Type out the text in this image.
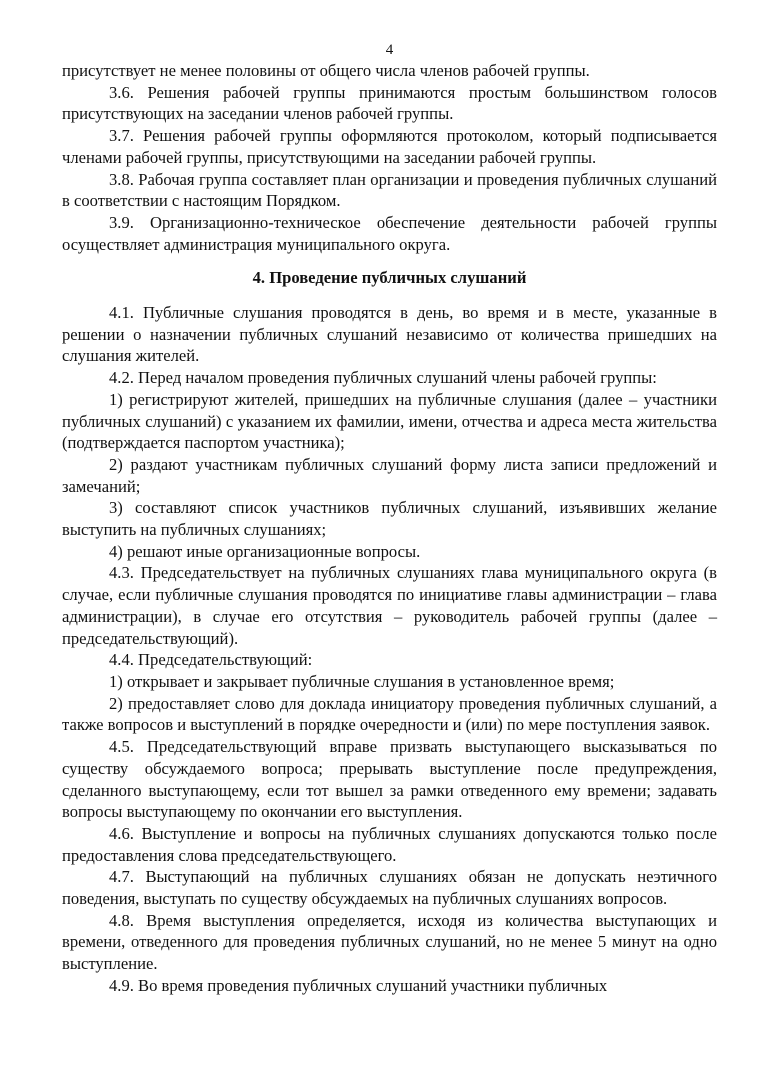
4

присутствует не менее половины от общего числа членов рабочей группы.

3.6. Решения рабочей группы принимаются простым большинством голосов присутствующих на заседании членов рабочей группы.

3.7. Решения рабочей группы оформляются протоколом, который подписывается членами рабочей группы, присутствующими на заседании рабочей группы.

3.8. Рабочая группа составляет план организации и проведения публичных слушаний в соответствии с настоящим Порядком.

3.9. Организационно-техническое обеспечение деятельности рабочей группы осуществляет администрация муниципального округа.

4. Проведение публичных слушаний

4.1. Публичные слушания проводятся в день, во время и в месте, указанные в решении о назначении публичных слушаний независимо от количества пришедших на слушания жителей.

4.2. Перед началом проведения публичных слушаний члены рабочей группы:

1) регистрируют жителей, пришедших на публичные слушания (далее – участники публичных слушаний) с указанием их фамилии, имени, отчества и адреса места жительства (подтверждается паспортом участника);

2) раздают участникам публичных слушаний форму листа записи предложений и замечаний;

3) составляют список участников публичных слушаний, изъявивших желание выступить на публичных слушаниях;

4) решают иные организационные вопросы.

4.3. Председательствует на публичных слушаниях глава муниципального округа (в случае, если публичные слушания проводятся по инициативе главы администрации – глава администрации), в случае его отсутствия – руководитель рабочей группы (далее – председательствующий).

4.4. Председательствующий:

1) открывает и закрывает публичные слушания в установленное время;

2) предоставляет слово для доклада инициатору проведения публичных слушаний, а также вопросов и выступлений в порядке очередности и (или) по мере поступления заявок.

4.5. Председательствующий вправе призвать выступающего высказываться по существу обсуждаемого вопроса; прерывать выступление после предупреждения, сделанного выступающему, если тот вышел за рамки отведенного ему времени; задавать вопросы выступающему по окончании его выступления.

4.6. Выступление и вопросы на публичных слушаниях допускаются только после предоставления слова председательствующего.

4.7. Выступающий на публичных слушаниях обязан не допускать неэтичного поведения, выступать по существу обсуждаемых на публичных слушаниях вопросов.

4.8. Время выступления определяется, исходя из количества выступающих и времени, отведенного для проведения публичных слушаний, но не менее 5 минут на одно выступление.

4.9. Во время проведения публичных слушаний участники публичных
